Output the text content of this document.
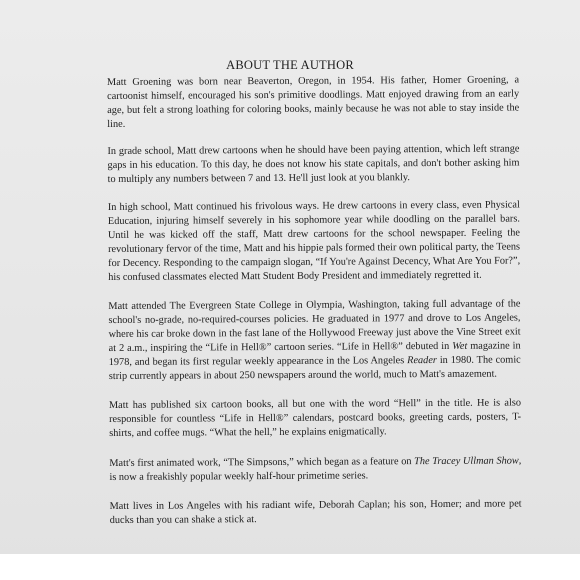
ABOUT THE AUTHOR

Matt Groening was born near Beaverton, Oregon, in 1954. His father, Homer Groening, a cartoonist himself, encouraged his son's primitive doodlings. Matt enjoyed drawing from an early age, but felt a strong loathing for coloring books, mainly because he was not able to stay inside the line.

In grade school, Matt drew cartoons when he should have been paying attention, which left strange gaps in his education. To this day, he does not know his state capitals, and don't bother asking him to multiply any numbers between 7 and 13. He'll just look at you blankly.

In high school, Matt continued his frivolous ways. He drew cartoons in every class, even Physical Education, injuring himself severely in his sophomore year while doodling on the parallel bars. Until he was kicked off the staff, Matt drew cartoons for the school newspaper. Feeling the revolutionary fervor of the time, Matt and his hippie pals formed their own political party, the Teens for Decency. Responding to the campaign slogan, “If You're Against Decency, What Are You For?”, his confused classmates elected Matt Student Body President and immediately regretted it.

Matt attended The Evergreen State College in Olympia, Washington, taking full advantage of the school's no-grade, no-required-courses policies. He graduated in 1977 and drove to Los Angeles, where his car broke down in the fast lane of the Hollywood Freeway just above the Vine Street exit at 2 a.m., inspiring the “Life in Hell®” cartoon series. “Life in Hell®” debuted in Wet magazine in 1978, and began its first regular weekly appearance in the Los Angeles Reader in 1980. The comic strip currently appears in about 250 newspapers around the world, much to Matt's amazement.

Matt has published six cartoon books, all but one with the word “Hell” in the title. He is also responsible for countless “Life in Hell®” calendars, postcard books, greeting cards, posters, T-shirts, and coffee mugs. “What the hell,” he explains enigmatically.

Matt's first animated work, “The Simpsons,” which began as a feature on The Tracey Ullman Show, is now a freakishly popular weekly half-hour primetime series.

Matt lives in Los Angeles with his radiant wife, Deborah Caplan; his son, Homer; and more pet ducks than you can shake a stick at.
